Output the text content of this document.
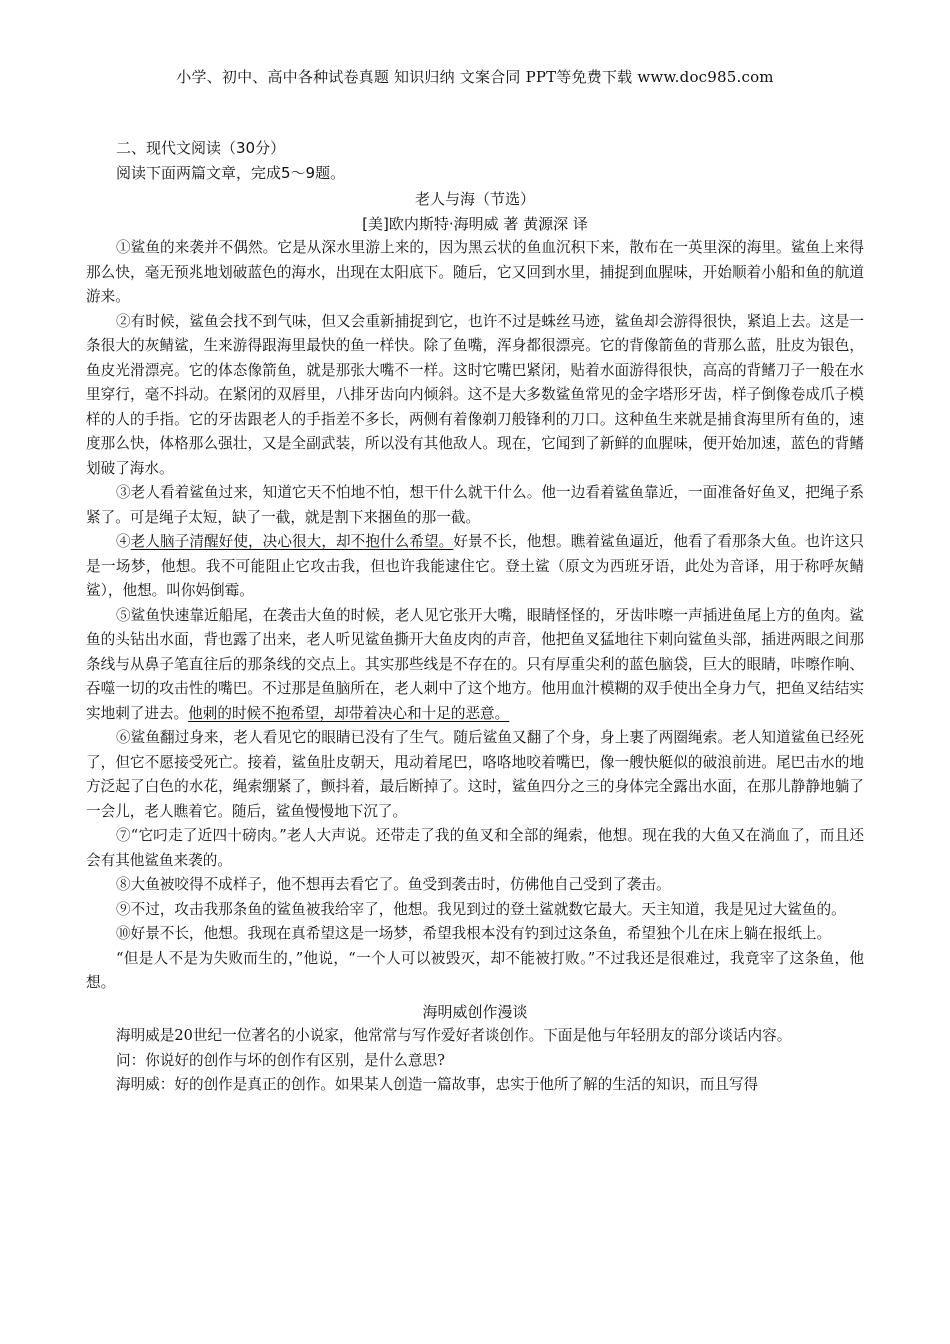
小学、初中、高中各种试卷真题 知识归纳 文案合同 PPT等免费下载 www.doc985.com
二、现代文阅读（30分）
阅读下面两篇文章，完成5～9题。
老人与海（节选）
[美]欧内斯特·海明威 著 黄源深 译

①鲨鱼的来袭并不偶然。它是从深水里游上来的，因为黑云状的鱼血沉积下来，散布在一英里深的海里。鲨鱼上来得那么快，毫无预兆地划破蓝色的海水，出现在太阳底下。随后，它又回到水里，捕捉到血腥味，开始顺着小船和鱼的航道游来。

②有时候，鲨鱼会找不到气味，但又会重新捕捉到它，也许不过是蛛丝马迹，鲨鱼却会游得很快，紧追上去。这是一条很大的灰鲭鲨，生来游得跟海里最快的鱼一样快。除了鱼嘴，浑身都很漂亮。它的背像箭鱼的背那么蓝，肚皮为银色，鱼皮光滑漂亮。它的体态像箭鱼，就是那张大嘴不一样。这时它嘴巴紧闭，贴着水面游得很快，高高的背鳍刀子一般在水里穿行，毫不抖动。在紧闭的双唇里，八排牙齿向内倾斜。这不是大多数鲨鱼常见的金字塔形牙齿，样子倒像卷成爪子模样的人的手指。它的牙齿跟老人的手指差不多长，两侧有着像剃刀般锋利的刀口。这种鱼生来就是捕食海里所有鱼的，速度那么快，体格那么强壮，又是全副武装，所以没有其他敌人。现在，它闻到了新鲜的血腥味，便开始加速，蓝色的背鳍划破了海水。

③老人看着鲨鱼过来，知道它天不怕地不怕，想干什么就干什么。他一边看着鲨鱼靠近，一面准备好鱼叉，把绳子系紧了。可是绳子太短，缺了一截，就是割下来捆鱼的那一截。

④老人脑子清醒好使，决心很大，却不抱什么希望。好景不长，他想。瞧着鲨鱼逼近，他看了看那条大鱼。也许这只是一场梦，他想。我不可能阻止它攻击我，但也许我能逮住它。登土鲨（原文为西班牙语，此处为音译，用于称呼灰鲭鲨），他想。叫你妈倒霉。

⑤鲨鱼快速靠近船尾，在袭击大鱼的时候，老人见它张开大嘴，眼睛怪怪的，牙齿咔嚓一声插进鱼尾上方的鱼肉。鲨鱼的头钻出水面，背也露了出来，老人听见鲨鱼撕开大鱼皮肉的声音，他把鱼叉猛地往下刺向鲨鱼头部，插进两眼之间那条线与从鼻子笔直往后的那条线的交点上。其实那些线是不存在的。只有厚重尖利的蓝色脑袋，巨大的眼睛，咔嚓作响、吞噬一切的攻击性的嘴巴。不过那是鱼脑所在，老人刺中了这个地方。他用血汁模糊的双手使出全身力气，把鱼叉结结实实地刺了进去。他刺的时候不抱希望，却带着决心和十足的恶意。

⑥鲨鱼翻过身来，老人看见它的眼睛已没有了生气。随后鲨鱼又翻了个身，身上裹了两圈绳索。老人知道鲨鱼已经死了，但它不愿接受死亡。接着，鲨鱼肚皮朝天，甩动着尾巴，咯咯地咬着嘴巴，像一艘快艇似的破浪前进。尾巴击水的地方泛起了白色的水花，绳索绷紧了，颤抖着，最后断掉了。这时，鲨鱼四分之三的身体完全露出水面，在那儿静静地躺了一会儿，老人瞧着它。随后，鲨鱼慢慢地下沉了。

⑦“它叼走了近四十磅肉。”老人大声说。还带走了我的鱼叉和全部的绳索，他想。现在我的大鱼又在淌血了，而且还会有其他鲨鱼来袭的。

⑧大鱼被咬得不成样子，他不想再去看它了。鱼受到袭击时，仿佛他自己受到了袭击。

⑨不过，攻击我那条鱼的鲨鱼被我给宰了，他想。我见到过的登土鲨就数它最大。天主知道，我是见过大鲨鱼的。

⑩好景不长，他想。我现在真希望这是一场梦，希望我根本没有钓到过这条鱼，希望独个儿在床上躺在报纸上。

“但是人不是为失败而生的，”他说，“一个人可以被毁灭，却不能被打败。”不过我还是很难过，我竟宰了这条鱼，他想。

海明威创作漫谈

海明威是20世纪一位著名的小说家，他常常与写作爱好者谈创作。下面是他与年轻朋友的部分谈话内容。

问：你说好的创作与坏的创作有区别，是什么意思?

海明威：好的创作是真正的创作。如果某人创造一篇故事，忠实于他所了解的生活的知识，而且写得
